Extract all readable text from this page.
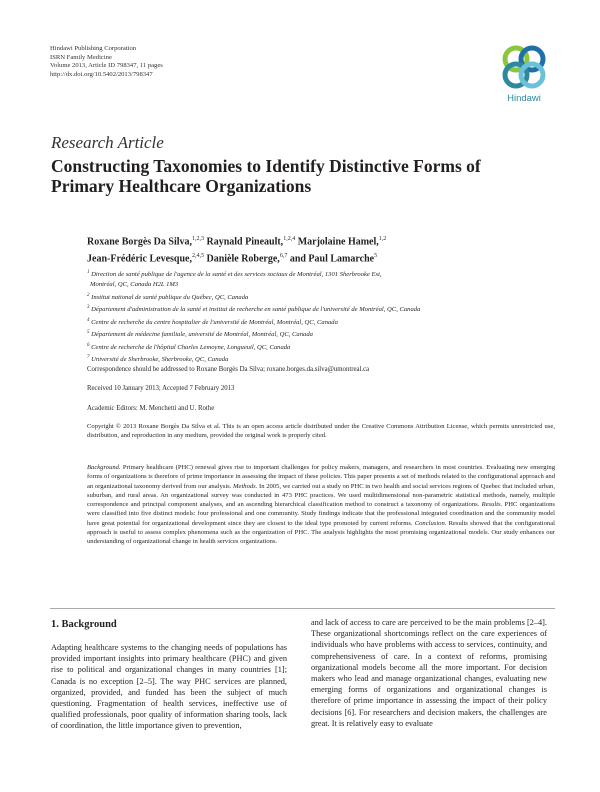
Hindawi Publishing Corporation
ISRN Family Medicine
Volume 2013, Article ID 798347, 11 pages
http://dx.doi.org/10.5402/2013/798347
Hindawi
Research Article
Constructing Taxonomies to Identify Distinctive Forms of
Primary Healthcare Organizations
Roxane Borgès Da Silva,$^{1,2,3}$ Raynald Pineault,$^{1,2,4}$ Marjolaine Hamel,$^{1,2}$
Jean-Frédéric Levesque,$^{2,4,5}$ Danièle Roberge,$^{6,7}$ and Paul Lamarche$^5$
$^1$ Direction de santé publique de l'agence de la santé et des services sociaux de Montréal, 1301 Sherbrooke Est,
Montréal, QC, Canada H2L 1M3
$^2$ Institut national de santé publique du Québec, QC, Canada
$^3$ Département d'administration de la santé et institut de recherche en santé publique de l'université de Montréal, QC, Canada
$^4$ Centre de recherche du centre hospitalier de l'université de Montréal, Montréal, QC, Canada
$^5$ Département de médecine familiale, université de Montréal, Montréal, QC, Canada
$^6$ Centre de recherche de l'hôpital Charles Lemoyne, Longueuil, QC, Canada
$^7$ Université de Sherbrooke, Sherbrooke, QC, Canada
Correspondence should be addressed to Roxane Borgès Da Silva; roxane.borges.da.silva@umontreal.ca
Received 10 January 2013; Accepted 7 February 2013
Academic Editors: M. Menchetti and U. Rothe
Copyright © 2013 Roxane Borgès Da Silva et al. This is an open access article distributed under the Creative Commons Attribution License, which permits unrestricted use, distribution, and reproduction in any medium, provided the original work is properly cited.
Background. Primary healthcare (PHC) renewal gives rise to important challenges for policy makers, managers, and researchers in most countries. Evaluating new emerging forms of organizations is therefore of prime importance in assessing the impact of these policies. This paper presents a set of methods related to the configurational approach and an organizational taxonomy derived from our analysis. Methods. In 2005, we carried out a study on PHC in two health and social services regions of Quebec that included urban, suburban, and rural areas. An organizational survey was conducted in 473 PHC practices. We used multidimensional non-parametric statistical methods, namely, multiple correspondence and principal component analyses, and an ascending hierarchical classification method to construct a taxonomy of organizations. Results. PHC organizations were classified into five distinct models: four professional and one community. Study findings indicate that the professional integrated coordination and the community model have great potential for organizational development since they are closest to the ideal type promoted by current reforms. Conclusion. Results showed that the configurational approach is useful to assess complex phenomena such as the organization of PHC. The analysis highlights the most promising organizational models. Our study enhances our understanding of organizational change in health services organizations.
1. Background

Adapting healthcare systems to the changing needs of populations has provided important insights into primary healthcare (PHC) and given rise to political and organizational changes in many countries [1]; Canada is no exception [2–5]. The way PHC services are planned, organized, provided, and funded has been the subject of much questioning. Fragmentation of health services, ineffective use of qualified professionals, poor quality of information sharing tools, lack of coordination, the little importance given to prevention,

and lack of access to care are perceived to be the main problems [2–4]. These organizational shortcomings reflect on the care experiences of individuals who have problems with access to services, continuity, and comprehensiveness of care. In a context of reforms, promising organizational models become all the more important. For decision makers who lead and manage organizational changes, evaluating new emerging forms of organizations and organizational changes is therefore of prime importance in assessing the impact of their policy decisions [6]. For researchers and decision makers, the challenges are great. It is relatively easy to evaluate
